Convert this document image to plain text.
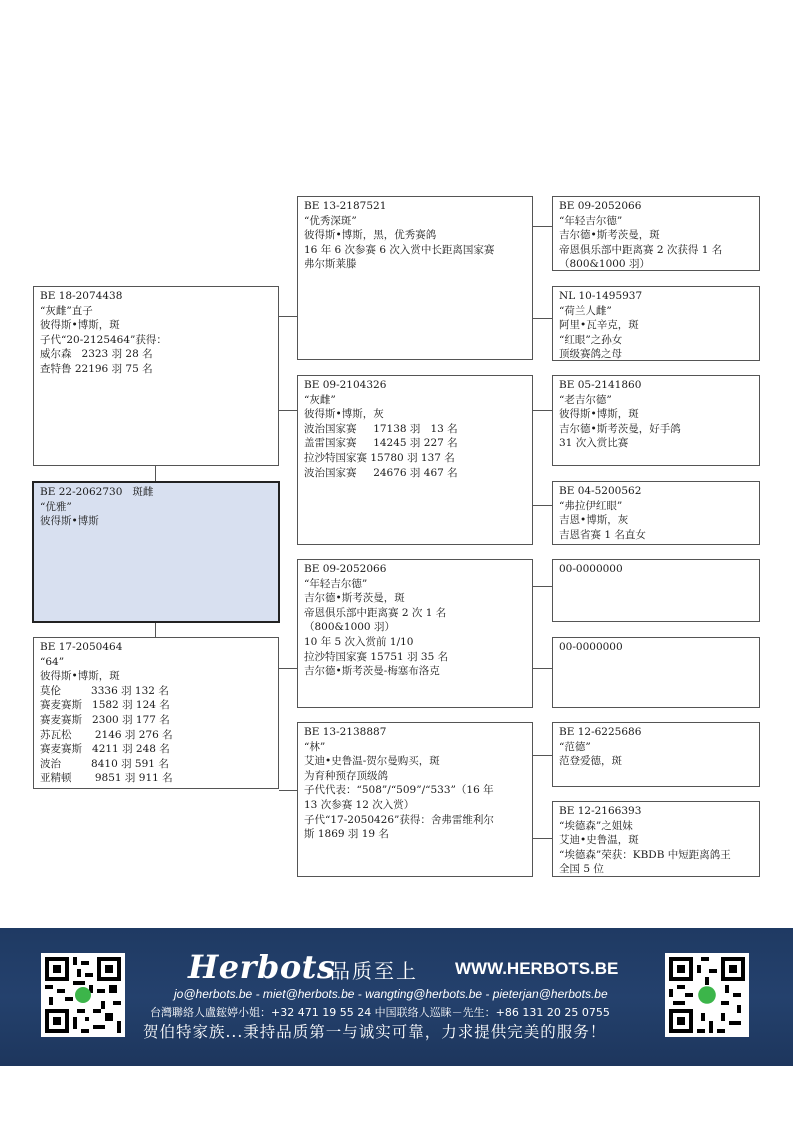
BE 18-2074438
“灰雌”直子
彼得斯•博斯，斑
子代“20-2125464”获得：
威尔森   2323 羽 28 名
查特鲁 22196 羽 75 名
BE 22-2062730   斑雌
“优雅”
彼得斯•博斯
BE 17-2050464
“64”
彼得斯•博斯，斑
莫伦         3336 羽 132 名
赛麦赛斯   1582 羽 124 名
赛麦赛斯   2300 羽 177 名
苏瓦松       2146 羽 276 名
赛麦赛斯   4211 羽 248 名
波治         8410 羽 591 名
亚精顿       9851 羽 911 名
BE 13-2187521
“优秀深斑”
彼得斯•博斯，黑，优秀赛鸽
16 年 6 次参赛 6 次入赏中长距离国家赛
弗尔斯莱滕
BE 09-2104326
“灰雌”
彼得斯•博斯，灰
波治国家赛     17138 羽   13 名
盖雷国家赛     14245 羽 227 名
拉沙特国家赛 15780 羽 137 名
波治国家赛     24676 羽 467 名
BE 09-2052066
“年轻吉尔德”
吉尔德•斯考茨曼，斑
帝恩俱乐部中距离赛 2 次 1 名
（800&1000 羽）
10 年 5 次入赏前 1/10
拉沙特国家赛 15751 羽 35 名
吉尔德•斯考茨曼-梅塞布洛克
BE 13-2138887
“林”
艾迪•史鲁温-贺尔曼购买，斑
为育种预存顶级鸽
子代代表：“508”/“509”/“533”（16 年
13 次参赛 12 次入赏）
子代“17-2050426”获得：舍弗雷维利尔
斯 1869 羽 19 名
BE 09-2052066
“年轻吉尔德”
吉尔德•斯考茨曼，斑
帝恩俱乐部中距离赛 2 次获得 1 名
（800&1000 羽）
NL 10-1495937
“荷兰人雌”
阿里•瓦辛克，斑
“红眼”之孙女
顶级赛鸽之母
BE 05-2141860
“老吉尔德”
彼得斯•博斯，斑
吉尔德•斯考茨曼，好手鸽
31 次入赏比赛
BE 04-5200562
“弗拉伊红眼”
吉恩•博斯，灰
吉恩省赛 1 名直女
00-0000000
00-0000000
BE 12-6225686
“范德”
范登爱德，斑
BE 12-2166393
“埃德森”之姐妹
艾迪•史鲁温，斑
“埃德森”荣获：KBDB 中短距离鸽王
全国 5 位
Herbots
品质至上 WWW.HERBOTS.BE
jo@herbots.be - miet@herbots.be - wangting@herbots.be - pieterjan@herbots.be
台灣聯絡人盧鋐婷小姐：+32 471 19 55 24 中国联络人巡睐－先生：+86 131 20 25 0755
贺伯特家族...秉持品质第一与诚实可靠，力求提供完美的服务！
